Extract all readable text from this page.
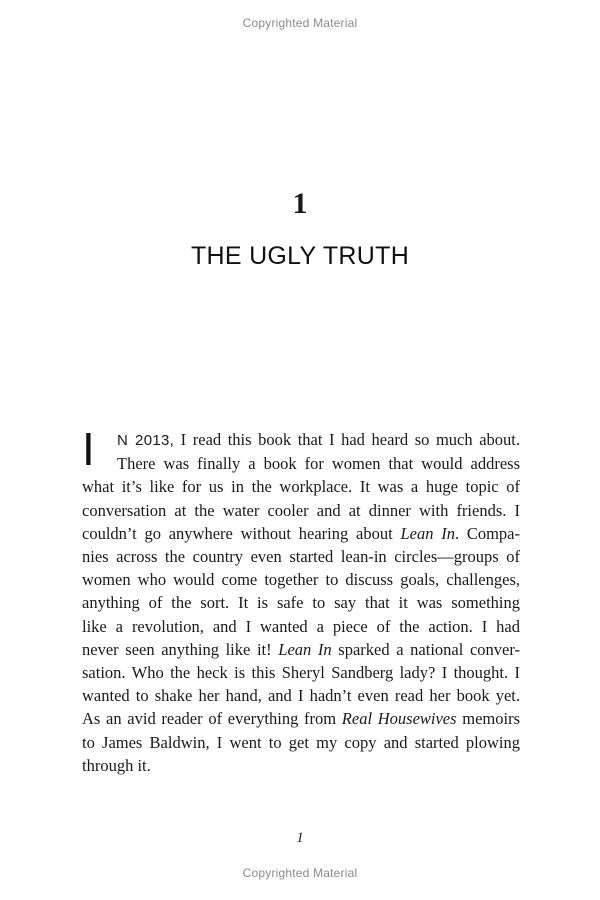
Copyrighted Material
1
THE UGLY TRUTH
I	N 2013, I read this book that I had heard so much about.
There was finally a book for women that would address
what it’s like for us in the workplace. It was a huge topic of
conversation at the water cooler and at dinner with friends. I
couldn’t go anywhere without hearing about Lean In. Compa-
nies across the country even started lean-in circles—groups of
women who would come together to discuss goals, challenges,
anything of the sort. It is safe to say that it was something
like a revolution, and I wanted a piece of the action. I had
never seen anything like it! Lean In sparked a national conver-
sation. Who the heck is this Sheryl Sandberg lady? I thought. I
wanted to shake her hand, and I hadn’t even read her book yet.
As an avid reader of everything from Real Housewives memoirs
to James Baldwin, I went to get my copy and started plowing
through it.
1
Copyrighted Material
